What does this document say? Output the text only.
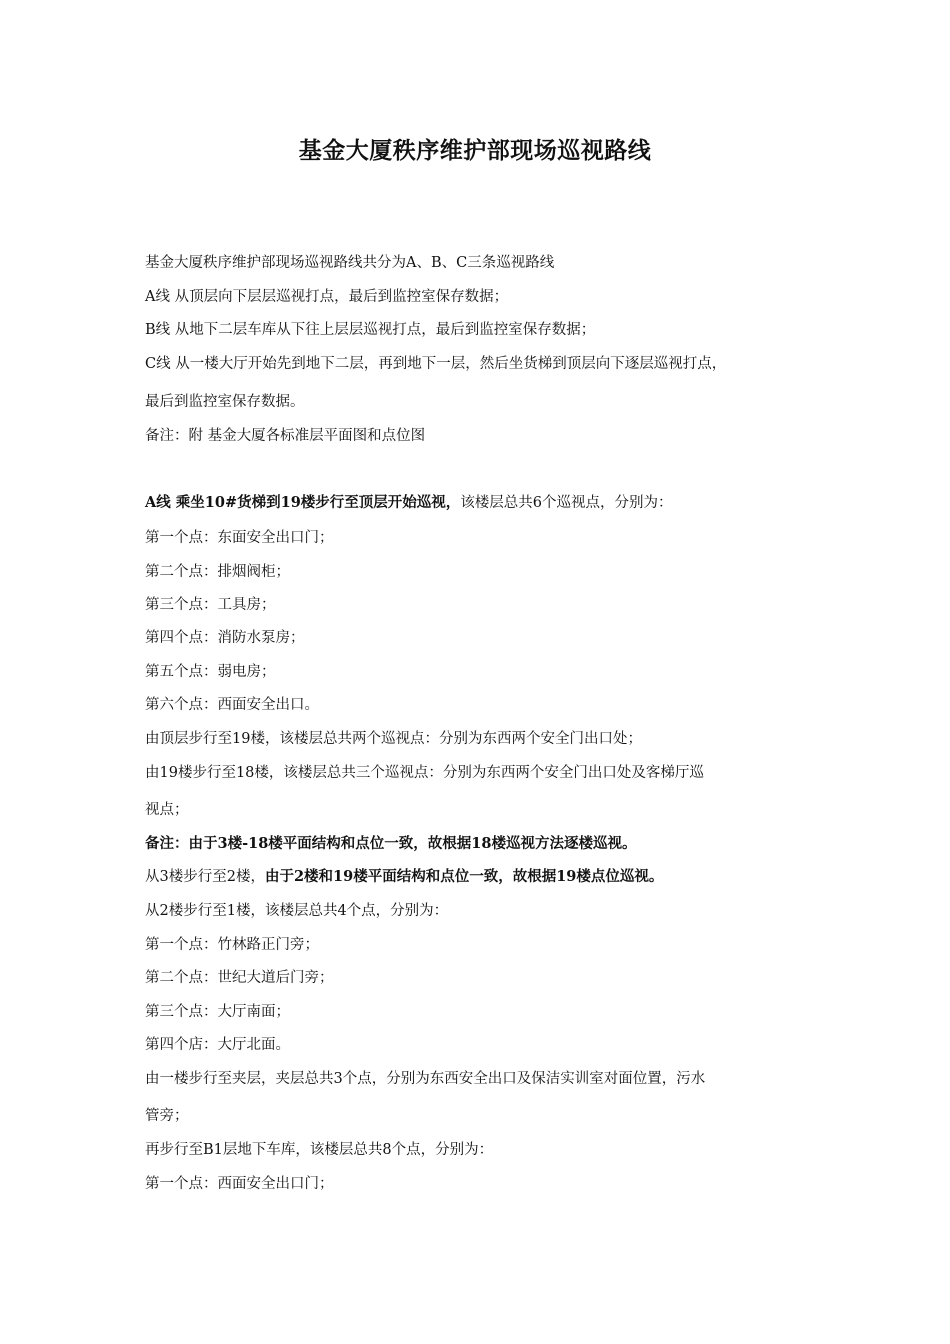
基金大厦秩序维护部现场巡视路线
基金大厦秩序维护部现场巡视路线共分为A、B、C三条巡视路线
A线 从顶层向下层层巡视打点，最后到监控室保存数据；
B线 从地下二层车库从下往上层层巡视打点，最后到监控室保存数据；
C线 从一楼大厅开始先到地下二层，再到地下一层，然后坐货梯到顶层向下逐层巡视打点，
最后到监控室保存数据。
备注：附 基金大厦各标准层平面图和点位图
A线 乘坐10#货梯到19楼步行至顶层开始巡视，该楼层总共6个巡视点，分别为：
第一个点：东面安全出口门；
第二个点：排烟阀柜；
第三个点：工具房；
第四个点：消防水泵房；
第五个点：弱电房；
第六个点：西面安全出口。
由顶层步行至19楼，该楼层总共两个巡视点：分别为东西两个安全门出口处；
由19楼步行至18楼，该楼层总共三个巡视点：分别为东西两个安全门出口处及客梯厅巡
视点；
备注：由于3楼-18楼平面结构和点位一致，故根据18楼巡视方法逐楼巡视。
从3楼步行至2楼，由于2楼和19楼平面结构和点位一致，故根据19楼点位巡视。
从2楼步行至1楼，该楼层总共4个点，分别为：
第一个点：竹林路正门旁；
第二个点：世纪大道后门旁；
第三个点：大厅南面；
第四个店：大厅北面。
由一楼步行至夹层，夹层总共3个点，分别为东西安全出口及保洁实训室对面位置，污水
管旁；
再步行至B1层地下车库，该楼层总共8个点，分别为：
第一个点：西面安全出口门；
